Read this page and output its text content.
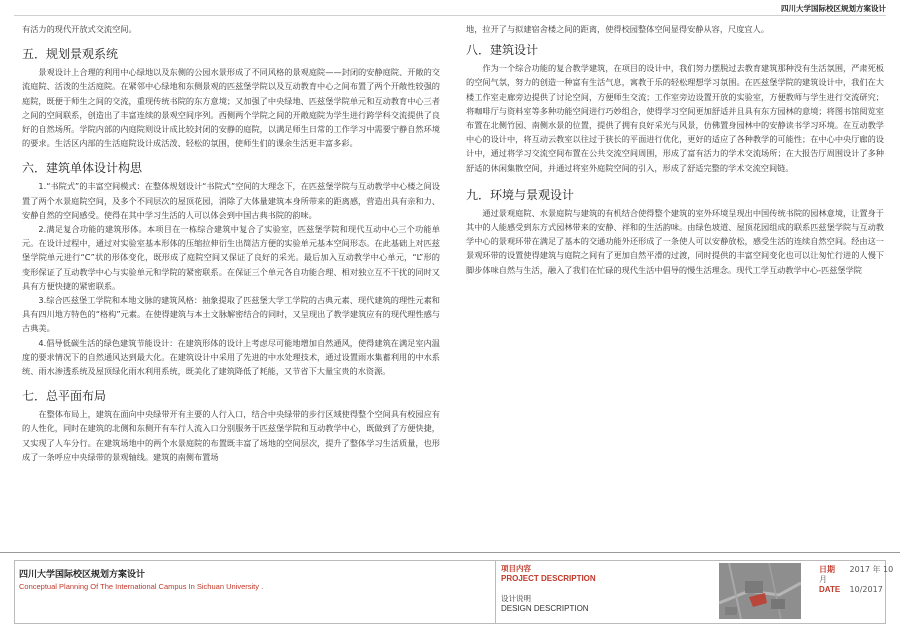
四川大学国际校区规划方案设计

有活力的现代开放式交流空间。

五．规划景观系统

景观设计上合理的利用中心绿地以及东侧的公园水景形成了不同风格的景观庭院——封闭的安静庭院、开敞的交流庭院、活泼的生活庭院。在紧邻中心绿地和东侧景观的匹兹堡学院以及互动教育中心之间布置了两个开敞性较强的庭院，既便于师生之间的交流，重现传统书院的东方意境；又加强了中央绿地、匹兹堡学院单元和互动教育中心三者之间的空间联系，创造出了丰富连续的景观空间序列。西侧两个学院之间的开敞庭院为学生进行跨学科交流提供了良好的自然场所。学院内部的内庭院则设计成比较封闭的安静的庭院，以满足师生日常的工作学习中需要宁静自然环境的要求。生活区内部的生活庭院设计成活泼、轻松的氛围，使师生们的课余生活更丰富多彩。

六．建筑单体设计构思

1.“书院式”的丰富空间模式：在整体规划设计“书院式”空间的大理念下，在匹兹堡学院与互动教学中心楼之间设置了两个水景庭院空间，及多个不同层次的屋顶花园，消除了大体量建筑本身所带来的距离感，营造出具有亲和力、安静自然的空间感受。使得在其中学习生活的人可以体会到中国古典书院的韵味。

2.满足复合功能的建筑形体。本项目在一栋综合建筑中复合了实验室，匹兹堡学院和现代互动中心三个功能单元。在设计过程中，通过对实验室基本形体的压缩拉伸衍生出简洁方便的实验单元基本空间形态。在此基础上对匹兹堡学院单元进行“C”状的形体变化，既形成了庭院空间又保证了良好的采光。最后加入互动教学中心单元，“L”形的变形保证了互动教学中心与实验单元和学院的紧密联系。在保证三个单元各自功能合理、相对独立互不干扰的同时又具有方便快捷的紧密联系。

3.综合匹兹堡工学院和本地文脉的建筑风格：抽象提取了匹兹堡大学工学院的古典元素、现代建筑的理性元素和具有四川地方特色的“格构”元素。在使得建筑与本土文脉解密结合的同时，又呈现出了教学建筑应有的现代理性感与古典美。

4.倡导低碳生活的绿色建筑节能设计：在建筑形体的设计上考虑尽可能地增加自然通风，使得建筑在满足室内温度的要求情况下的自然通风达到最大化。在建筑设计中采用了先进的中水处理技术，通过设置雨水集蓄利用的中水系统、雨水渗透系统及屋顶绿化雨水利用系统，既美化了建筑降低了耗能，又节省下大量宝贵的水资源。

七．总平面布局

在整体布局上，建筑在面向中央绿带开有主要的人行入口，结合中央绿带的步行区域使得整个空间具有校园应有的人性化，同时在建筑的北侧和东侧开有车行人流入口分别服务于匹兹堡学院和互动教学中心，既做到了方便快捷，又实现了人车分行。在建筑场地中的两个水景庭院的布置既丰富了场地的空间层次，提升了整体学习生活质量，也形成了一条呼应中央绿带的景观轴线。建筑的南侧布置场

地，拉开了与拟建宿舍楼之间的距离，使得校园整体空间显得安静从容，尺度宜人。

八．建筑设计

作为一个综合功能的复合教学建筑，在项目的设计中，我们努力摆脱过去教育建筑那种没有生活氛围，严肃死板的空间气氛，努力的创造一种富有生活气息，寓教于乐的轻松理想学习氛围。在匹兹堡学院的建筑设计中，我们在大楼工作室走廊旁边提供了讨论空间，方便师生交流；工作室旁边设置开放的实验室，方便教师与学生进行交流研究；将咖啡厅与资料室等多种功能空间进行巧妙组合，使得学习空间更加舒适并且具有东方园林的意境；将图书馆阅览室布置在北侧竹园、南侧水景的位置，提供了拥有良好采光与风景，仿佛置身园林中的安静读书学习环境。在互动教学中心的设计中，将互动云教室以往过于狭长的平面进行优化，更好的适应了各种教学的可能性；在中心中央厅廊的设计中，通过将学习交流空间布置在公共交流空间周围，形成了富有活力的学术交流场所；在大报告厅周围设计了多种舒适的休闲集散空间，并通过将室外庭院空间的引入，形成了舒适完整的学术交流空间链。

九．环境与景观设计

通过景观庭院、水景庭院与建筑的有机结合使得整个建筑的室外环境呈现出中国传统书院的园林意境，让置身于其中的人能感受到东方式园林带来的安静、祥和的生活韵味。由绿色坡道、屋顶花园组成的联系匹兹堡学院与互动教学中心的景观环带在满足了基本的交通功能外还形成了一条使人可以安静放松，感受生活的连续自然空间。经由这一景观环带的设置使得建筑与庭院之间有了更加自然平滑的过渡，同时提供的丰富空间变化也可以让匆忙行进的人慢下脚步体味自然与生活，融入了我们在忙碌的现代生活中倡导的慢生活理念。现代工学互动教学中心-匹兹堡学院

四川大学国际校区规划方案设计
Conceptual Planning Of The International Campus In Sichuan University .
项目内容
PROJECT DESCRIPTION
设计说明
DESIGN DESCRIPTION
日期 2017 年 10 月
DATE 10/2017
